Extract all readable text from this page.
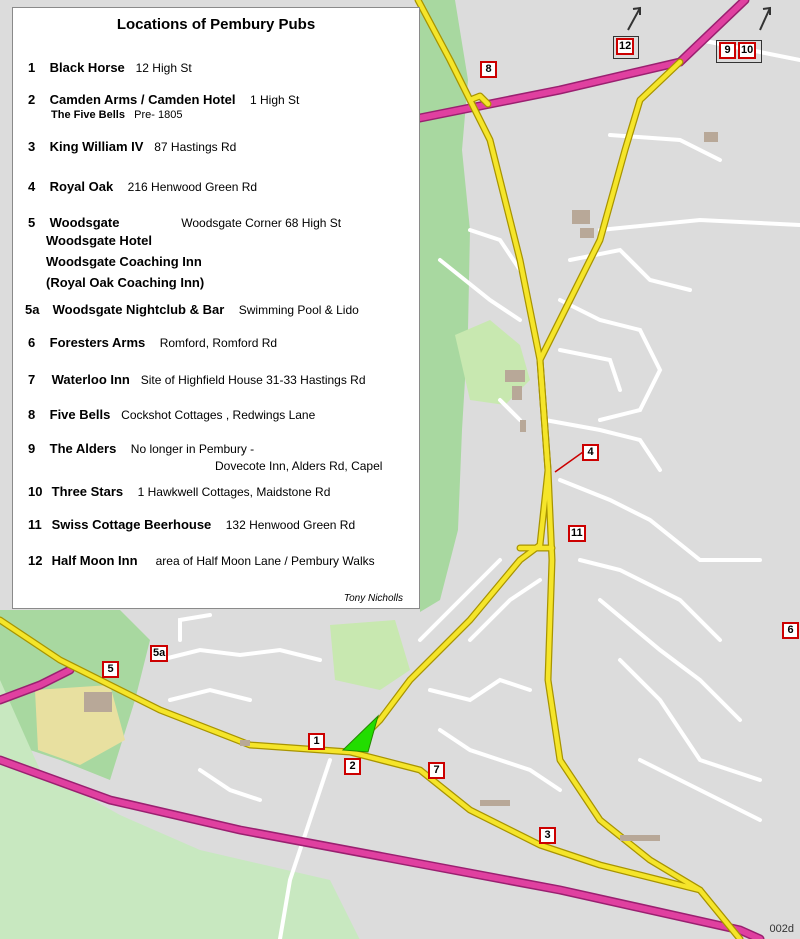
Locations of Pembury Pubs
1 Black Horse 12 High St
2 Camden Arms / Camden Hotel 1 High St
The Five Bells Pre- 1805
3 King William IV 87 Hastings Rd
4 Royal Oak 216 Henwood Green Rd
5 Woodsgate	Woodsgate Corner 68 High St
Woodsgate Hotel
Woodsgate Coaching Inn
(Royal Oak Coaching Inn)
5a Woodsgate Nightclub & Bar Swimming Pool & Lido
6 Foresters Arms Romford, Romford Rd
7 Waterloo Inn Site of Highfield House 31-33 Hastings Rd
8 Five Bells Cockshot Cottages , Redwings Lane
9 The Alders No longer in Pembury -
Dovecote Inn, Alders Rd, Capel
10 Three Stars 1 Hawkwell Cottages, Maidstone Rd
11 Swiss Cottage Beerhouse 132 Henwood Green Rd
12 Half Moon Inn area of Half Moon Lane / Pembury Walks
Tony Nicholls
1
2
3
4
5
5a
6
7
8
9 10
12
11
002d
